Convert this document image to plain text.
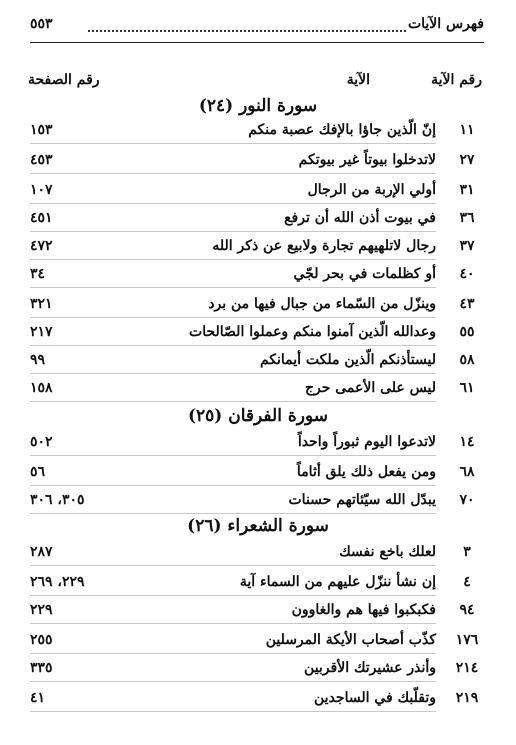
فهرس الآيات
٥٥٣
رقم الآية
الآية
رقم الصفحة
سورة النور (٢٤)
١١
إنّ الّذين جاؤا بالإفك عصبة منكم
١٥٣
٢٧
لاتدخلوا بيوتاً غير بيوتكم
٤٥٣
٣١
أولي الإربة من الرجال
١٠٧
٣٦
في بيوت أذن الله أن ترفع
٤٥١
٣٧
رجال لاتلهيهم تجارة ولابيع عن ذكر الله
٤٧٢
٤٠
أو كظلمات في بحر لجّي
٣٤
٤٣
وينزّل من السّماء من جبال فيها من برد
٣٢١
٥٥
وعدالله الّذين آمنوا منكم وعملوا الصّالحات
٢١٧
٥٨
ليستأذنكم الّذين ملكت أيمانكم
٩٩
٦١
ليس على الأعمى حرج
١٥٨
سورة الفرقان (٢٥)
١٤
لاتدعوا اليوم ثبوراً واحداً
٥٠٢
٦٨
ومن يفعل ذلك يلق أثاماً
٥٦
٧٠
يبدّل الله سيّئاتهم حسنات
٣٠٥، ٣٠٦
سورة الشعراء (٢٦)
٣
لعلك باخع نفسك
٢٨٧
٤
إن نشأ ننزّل عليهم من السماء آية
٢٢٩، ٢٦٩
٩٤
فكبكبوا فيها هم والغاوون
٢٢٩
١٧٦
كذّب أصحاب الأيكة المرسلين
٢٥٥
٢١٤
وأنذر عشيرتك الأقربين
٣٣٥
٢١٩
وتقلّبك في الساجدين
٤١
